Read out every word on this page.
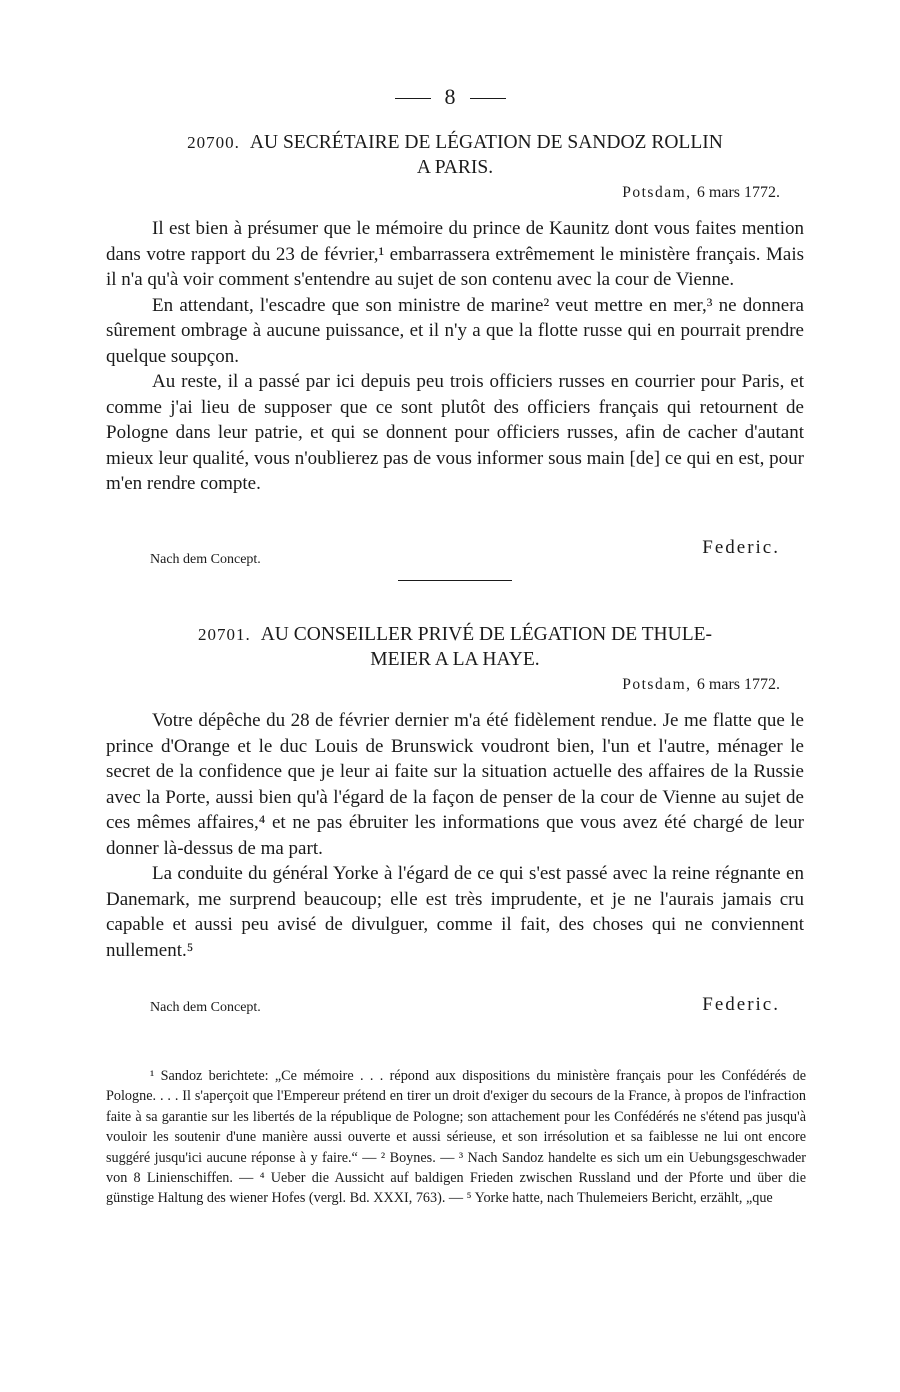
8
20700. AU SECRÉTAIRE DE LÉGATION DE SANDOZ ROLLIN
A PARIS.
Potsdam, 6 mars 1772.

Il est bien à présumer que le mémoire du prince de Kaunitz dont vous faites mention dans votre rapport du 23 de février,¹ embarrassera extrêmement le ministère français. Mais il n'a qu'à voir comment s'entendre au sujet de son contenu avec la cour de Vienne.

En attendant, l'escadre que son ministre de marine² veut mettre en mer,³ ne donnera sûrement ombrage à aucune puissance, et il n'y a que la flotte russe qui en pourrait prendre quelque soupçon.

Au reste, il a passé par ici depuis peu trois officiers russes en courrier pour Paris, et comme j'ai lieu de supposer que ce sont plutôt des officiers français qui retournent de Pologne dans leur patrie, et qui se donnent pour officiers russes, afin de cacher d'autant mieux leur qualité, vous n'oublierez pas de vous informer sous main [de] ce qui en est, pour m'en rendre compte.

Nach dem Concept.
Federic.
20701. AU CONSEILLER PRIVÉ DE LÉGATION DE THULE-
MEIER A LA HAYE.
Potsdam, 6 mars 1772.

Votre dépêche du 28 de février dernier m'a été fidèlement rendue. Je me flatte que le prince d'Orange et le duc Louis de Brunswick voudront bien, l'un et l'autre, ménager le secret de la confidence que je leur ai faite sur la situation actuelle des affaires de la Russie avec la Porte, aussi bien qu'à l'égard de la façon de penser de la cour de Vienne au sujet de ces mêmes affaires,⁴ et ne pas ébruiter les informations que vous avez été chargé de leur donner là-dessus de ma part.

La conduite du général Yorke à l'égard de ce qui s'est passé avec la reine régnante en Danemark, me surprend beaucoup; elle est très imprudente, et je ne l'aurais jamais cru capable et aussi peu avisé de divulguer, comme il fait, des choses qui ne conviennent nullement.⁵

Nach dem Concept.	Federic.

¹ Sandoz berichtete: „Ce mémoire . . . répond aux dispositions du ministère français pour les Confédérés de Pologne. . . . Il s'aperçoit que l'Empereur prétend en tirer un droit d'exiger du secours de la France, à propos de l'infraction faite à sa garantie sur les libertés de la république de Pologne; son attachement pour les Confédérés ne s'étend pas jusqu'à vouloir les soutenir d'une manière aussi ouverte et aussi sérieuse, et son irrésolution et sa faiblesse ne lui ont encore suggéré jusqu'ici aucune réponse à y faire.“ — ² Boynes. — ³ Nach Sandoz handelte es sich um ein Uebungsgeschwader von 8 Linienschiffen. — ⁴ Ueber die Aussicht auf baldigen Frieden zwischen Russland und der Pforte und über die günstige Haltung des wiener Hofes (vergl. Bd. XXXI, 763). — ⁵ Yorke hatte, nach Thulemeiers Bericht, erzählt, „que
